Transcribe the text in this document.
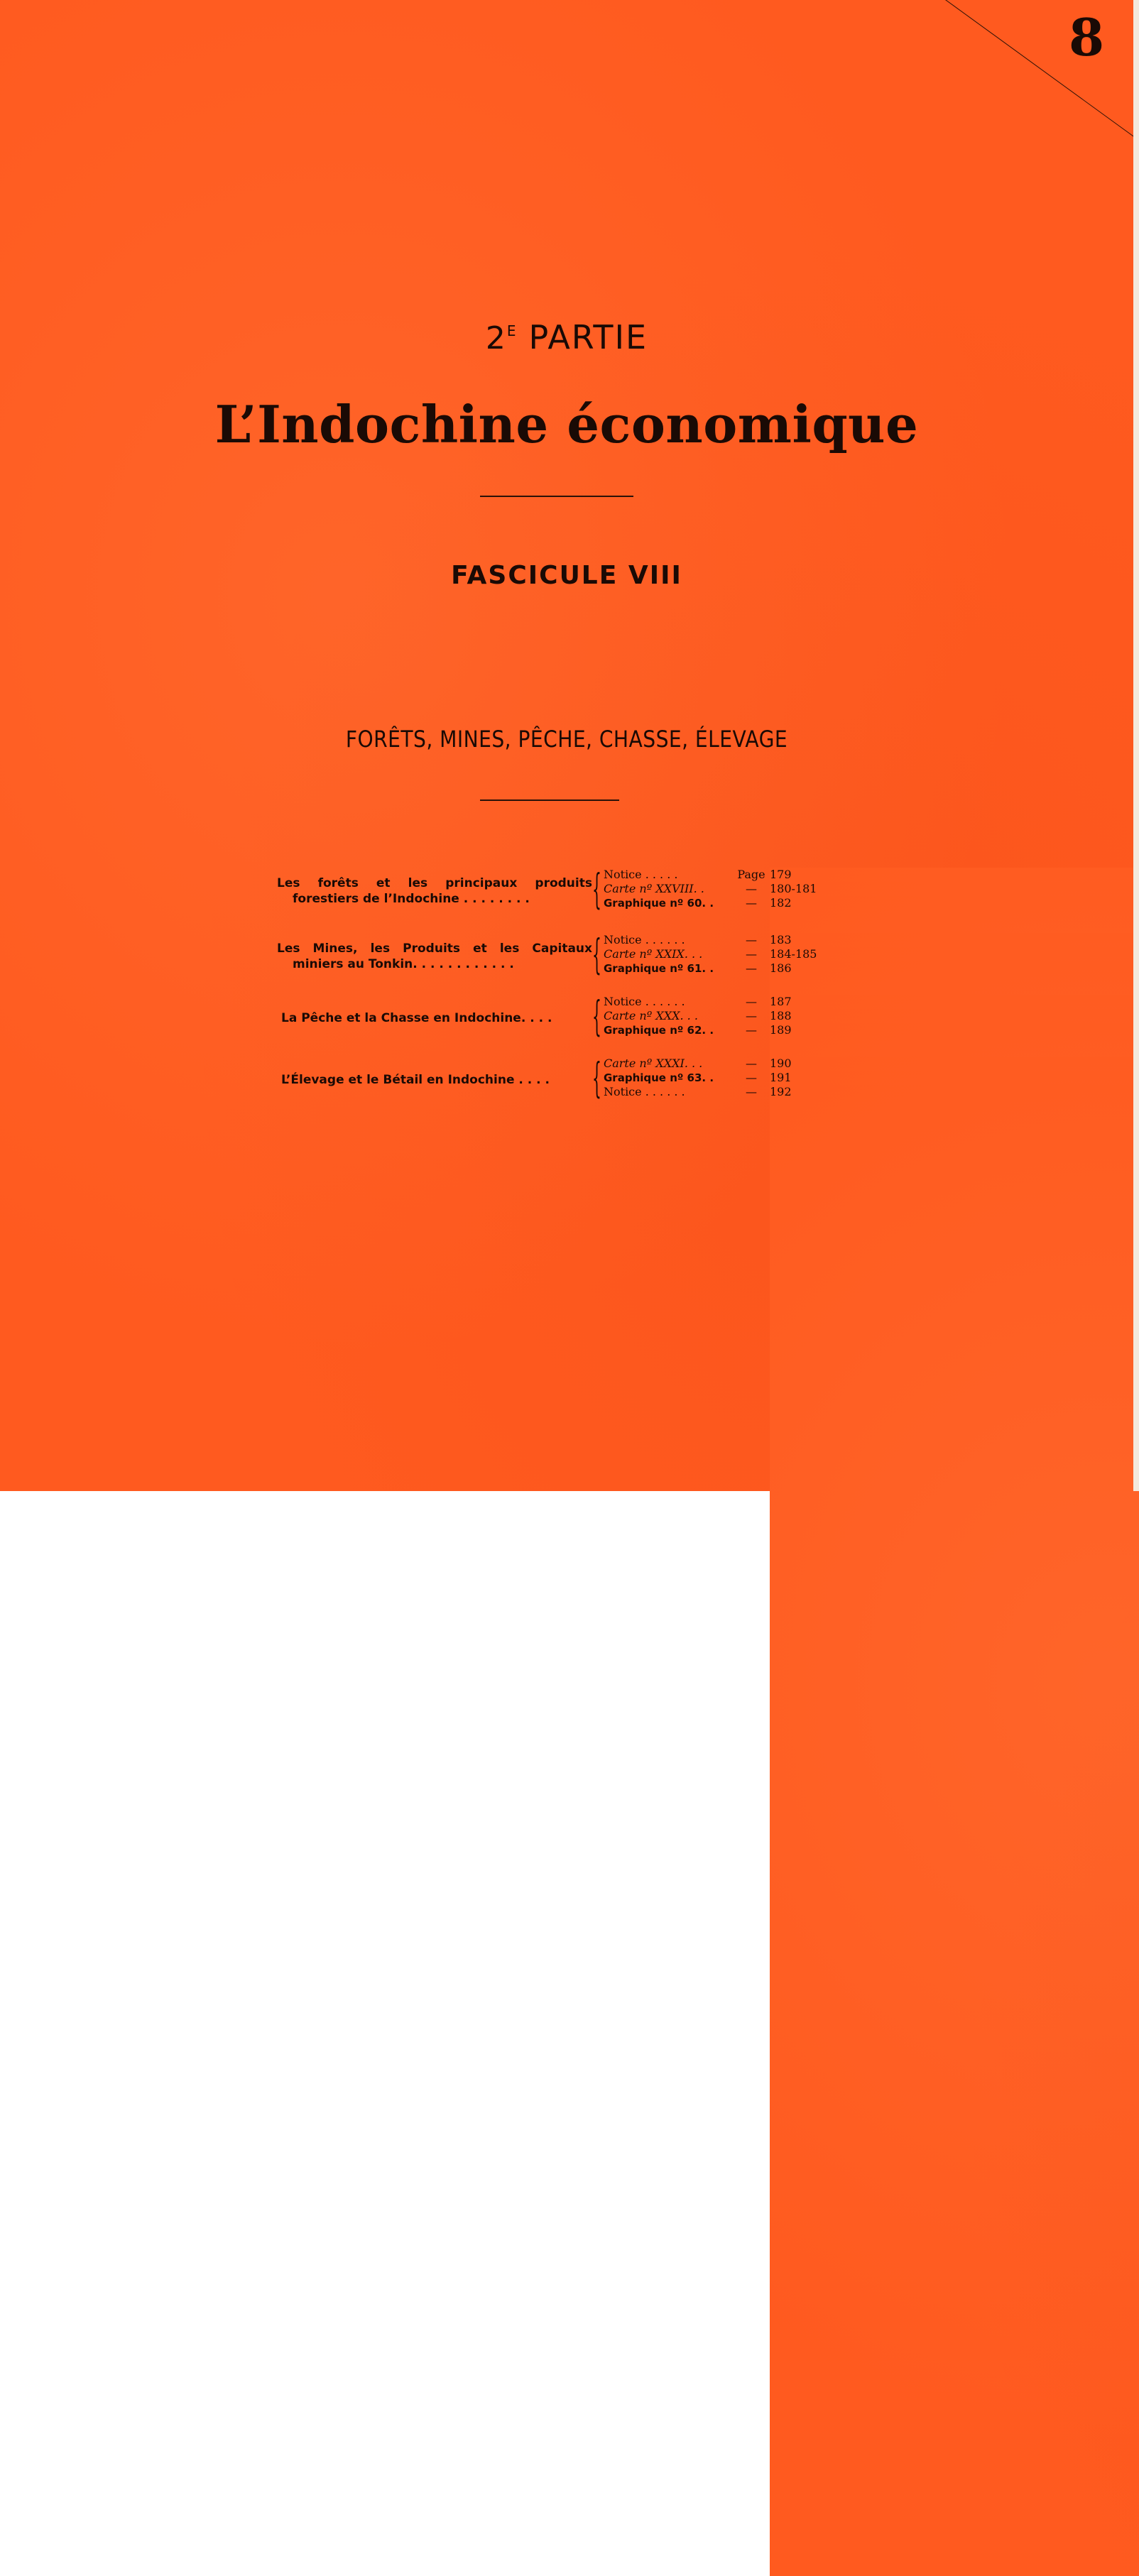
8
$2^E$ PARTIE
L’Indochine économique
FASCICULE VIII
FORÊTS, MINES, PÊCHE, CHASSE, ÉLEVAGE
Les forêts et les principaux produits
forestiers de l’Indochine . . . . . . . .	{ Notice . . . . .	Page 179
Carte nº XXVIII. .	—	180-181
Graphique nº 60. .	—	182
Les Mines, les Produits et les Capitaux
miniers au Tonkin. . . . . . . . . . . .	{ Notice . . . . . .	—	183
Carte nº XXIX. . .	—	184-185
Graphique nº 61. .	—	186
La Pêche et la Chasse en Indochine. . . . { Notice . . . . . .	—	187
Carte nº XXX. . .	—	188
Graphique nº 62. .	—	189
L’Élevage et le Bétail en Indochine . . . .	{ Carte nº XXXI. . .	—	190
Graphique nº 63. .	—	191
Notice . . . . . .	—	192
